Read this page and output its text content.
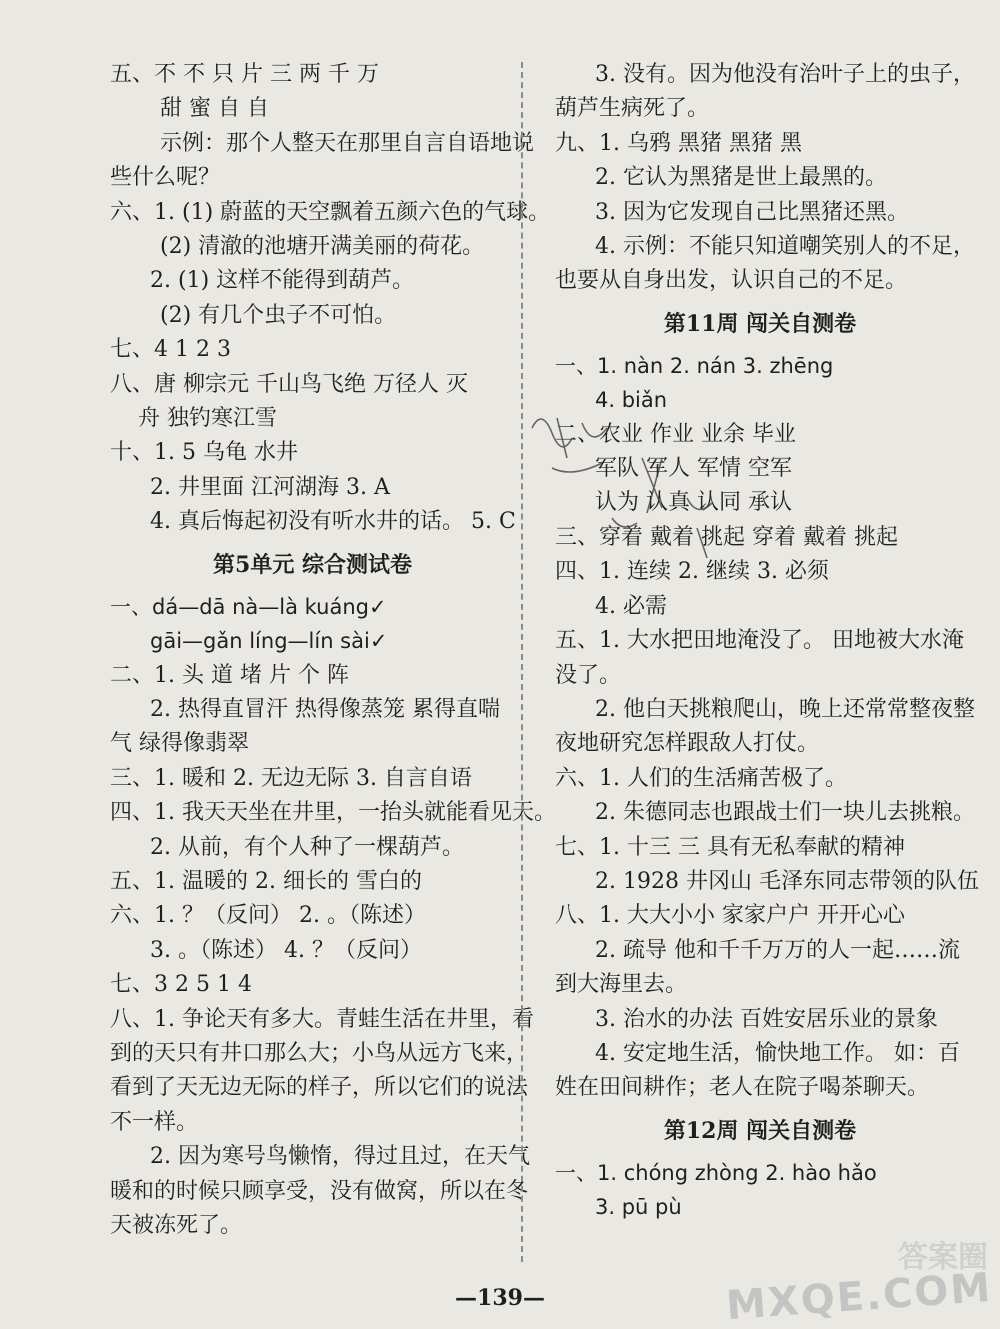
五、不 不 只 片 三 两 千 万
甜 蜜 自 自
示例：那个人整天在那里自言自语地说
些什么呢？
六、1. (1) 蔚蓝的天空飘着五颜六色的气球。
(2) 清澈的池塘开满美丽的荷花。
2. (1) 这样不能得到葫芦。
(2) 有几个虫子不可怕。
七、4 1 2 3
八、唐 柳宗元 千山鸟飞绝 万径人 灭
舟 独钓寒江雪
十、1. 5 乌龟 水井
2. 井里面 江河湖海 3. A
4. 真后悔起初没有听水井的话。 5. C
第5单元 综合测试卷
一、dá—dā nà—là kuáng✓
gāi—gǎn líng—lín sài✓
二、1. 头 道 堵 片 个 阵
2. 热得直冒汗 热得像蒸笼 累得直喘
气 绿得像翡翠
三、1. 暖和 2. 无边无际 3. 自言自语
四、1. 我天天坐在井里，一抬头就能看见天。
2. 从前，有个人种了一棵葫芦。
五、1. 温暖的 2. 细长的 雪白的
六、1. ？（反问） 2. 。（陈述）
3. 。（陈述） 4. ？（反问）
七、3 2 5 1 4
八、1. 争论天有多大。青蛙生活在井里，看
到的天只有井口那么大；小鸟从远方飞来，
看到了天无边无际的样子，所以它们的说法
不一样。
2. 因为寒号鸟懒惰，得过且过，在天气
暖和的时候只顾享受，没有做窝，所以在冬
天被冻死了。
3. 没有。因为他没有治叶子上的虫子，
葫芦生病死了。
九、1. 乌鸦 黑猪 黑猪 黑
2. 它认为黑猪是世上最黑的。
3. 因为它发现自己比黑猪还黑。
4. 示例：不能只知道嘲笑别人的不足，
也要从自身出发，认识自己的不足。
第11周 闯关自测卷
一、1. nàn 2. nán 3. zhēng
4. biǎn
二、农业 作业 业余 毕业
军队 军人 军情 空军
认为 认真 认同 承认
三、穿着 戴着 挑起 穿着 戴着 挑起
四、1. 连续 2. 继续 3. 必须
4. 必需
五、1. 大水把田地淹没了。 田地被大水淹
没了。
2. 他白天挑粮爬山，晚上还常常整夜整
夜地研究怎样跟敌人打仗。
六、1. 人们的生活痛苦极了。
2. 朱德同志也跟战士们一块儿去挑粮。
七、1. 十三 三 具有无私奉献的精神
2. 1928 井冈山 毛泽东同志带领的队伍
八、1. 大大小小 家家户户 开开心心
2. 疏导 他和千千万万的人一起……流
到大海里去。
3. 治水的办法 百姓安居乐业的景象
4. 安定地生活，愉快地工作。 如：百
姓在田间耕作；老人在院子喝茶聊天。
第12周 闯关自测卷
一、1. chóng zhòng 2. hào hǎo
3. pū pù
—139—
答案圈
MXQE.COM
